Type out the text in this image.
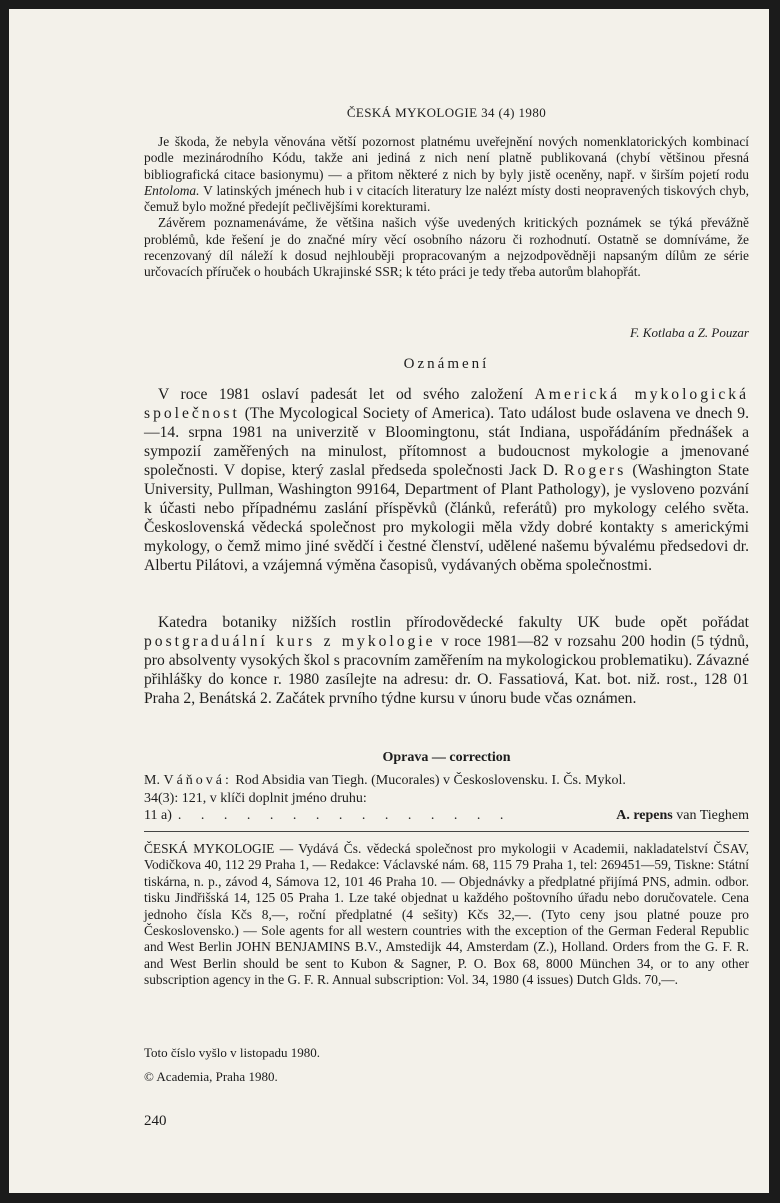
ČESKÁ MYKOLOGIE 34 (4) 1980

Je škoda, že nebyla věnována větší pozornost platnému uveřejnění nových nomenklatorických kombinací podle mezinárodního Kódu, takže ani jediná z nich není platně publikovaná (chybí většinou přesná bibliografická citace basionymu) — a přitom některé z nich by byly jistě oceněny, např. v širším pojetí rodu Entoloma. V latinských jménech hub i v citacích literatury lze nalézt místy dosti neopravených tiskových chyb, čemuž bylo možné předejít pečlivějšími korekturami.

Závěrem poznamenáváme, že většina našich výše uvedených kritických poznámek se týká převážně problémů, kde řešení je do značné míry věcí osobního názoru či rozhodnutí. Ostatně se domníváme, že recenzovaný díl náleží k dosud nejhlouběji propracovaným a nejzodpovědněji napsaným dílům ze série určovacích příruček o houbách Ukrajinské SSR; k této práci je tedy třeba autorům blahopřát.

F. Kotlaba a Z. Pouzar
Oznámení

V roce 1981 oslaví padesát let od svého založení Americká mykologická společnost (The Mycological Society of America). Tato událost bude oslavena ve dnech 9.—14. srpna 1981 na univerzitě v Bloomingtonu, stát Indiana, uspořádáním přednášek a sympozií zaměřených na minulost, přítomnost a budoucnost mykologie a jmenované společnosti. V dopise, který zaslal předseda společnosti Jack D. Rogers (Washington State University, Pullman, Washington 99164, Department of Plant Pathology), je vysloveno pozvání k účasti nebo případnému zaslání příspěvků (článků, referátů) pro mykology celého světa. Československá vědecká společnost pro mykologii měla vždy dobré kontakty s americkými mykology, o čemž mimo jiné svědčí i čestné členství, udělené našemu bývalému předsedovi dr. Albertu Pilátovi, a vzájemná výměna časopisů, vydávaných oběma společnostmi.

Katedra botaniky nižších rostlin přírodovědecké fakulty UK bude opět pořádat postgraduální kurs z mykologie v roce 1981—82 v rozsahu 200 hodin (5 týdnů, pro absolventy vysokých škol s pracovním zaměřením na mykologickou problematiku). Závazné přihlášky do konce r. 1980 zasílejte na adresu: dr. O. Fassatiová, Kat. bot. niž. rost., 128 01 Praha 2, Benátská 2. Začátek prvního týdne kursu v únoru bude včas oznámen.

Oprava — correction
M. Váňová: Rod Absidia van Tiegh. (Mucorales) v Československu. I. Čs. Mykol.
34(3): 121, v klíči doplnit jméno druhu:
11 a) . . . . . . . . . . . . . . .	A. repens van Tieghem
ČESKÁ MYKOLOGIE — Vydává Čs. vědecká společnost pro mykologii v Academii, nakladatelství ČSAV, Vodičkova 40, 112 29 Praha 1, — Redakce: Václavské nám. 68, 115 79 Praha 1, tel: 269451—59, Tiskne: Státní tiskárna, n. p., závod 4, Sámova 12, 101 46 Praha 10. — Objednávky a předplatné přijímá PNS, admin. odbor. tisku Jindřišská 14, 125 05 Praha 1. Lze také objednat u každého poštovního úřadu nebo doručovatele. Cena jednoho čísla Kčs 8,—, roční předplatné (4 sešity) Kčs 32,—. (Tyto ceny jsou platné pouze pro Československo.) — Sole agents for all western countries with the exception of the German Federal Republic and West Berlin JOHN BENJAMINS B.V., Amstedijk 44, Amsterdam (Z.), Holland. Orders from the G. F. R. and West Berlin should be sent to Kubon & Sagner, P. O. Box 68, 8000 München 34, or to any other subscription agency in the G. F. R. Annual subscription: Vol. 34, 1980 (4 issues) Dutch Glds. 70,—.
Toto číslo vyšlo v listopadu 1980.
© Academia, Praha 1980.
240
